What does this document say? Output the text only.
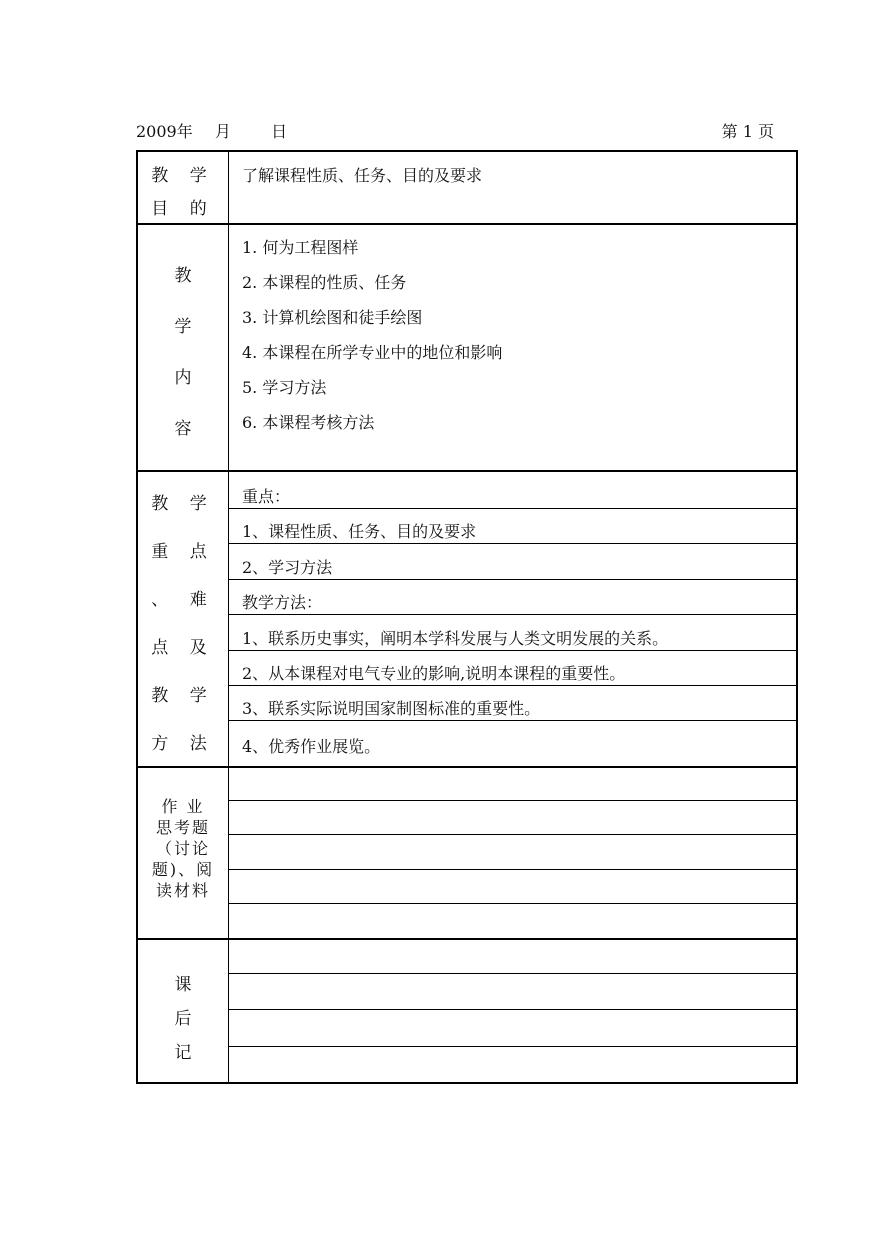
2009年 月	日	第 1 页
教 学
目 的
了解课程性质、任务、目的及要求
教
学
内
容
1. 何为工程图样
2. 本课程的性质、任务
3. 计算机绘图和徒手绘图
4. 本课程在所学专业中的地位和影响
5. 学习方法
6. 本课程考核方法
教 学
重 点
、 难
点 及
教 学
方 法
重点：
1、课程性质、任务、目的及要求
2、学习方法
教学方法：
1、联系历史事实，阐明本学科发展与人类文明发展的关系。
2、从本课程对电气专业的影响,说明本课程的重要性。
3、联系实际说明国家制图标准的重要性。
4、优秀作业展览。
作 业
思考题
（讨论
题)、阅
读材料
课
后
记
